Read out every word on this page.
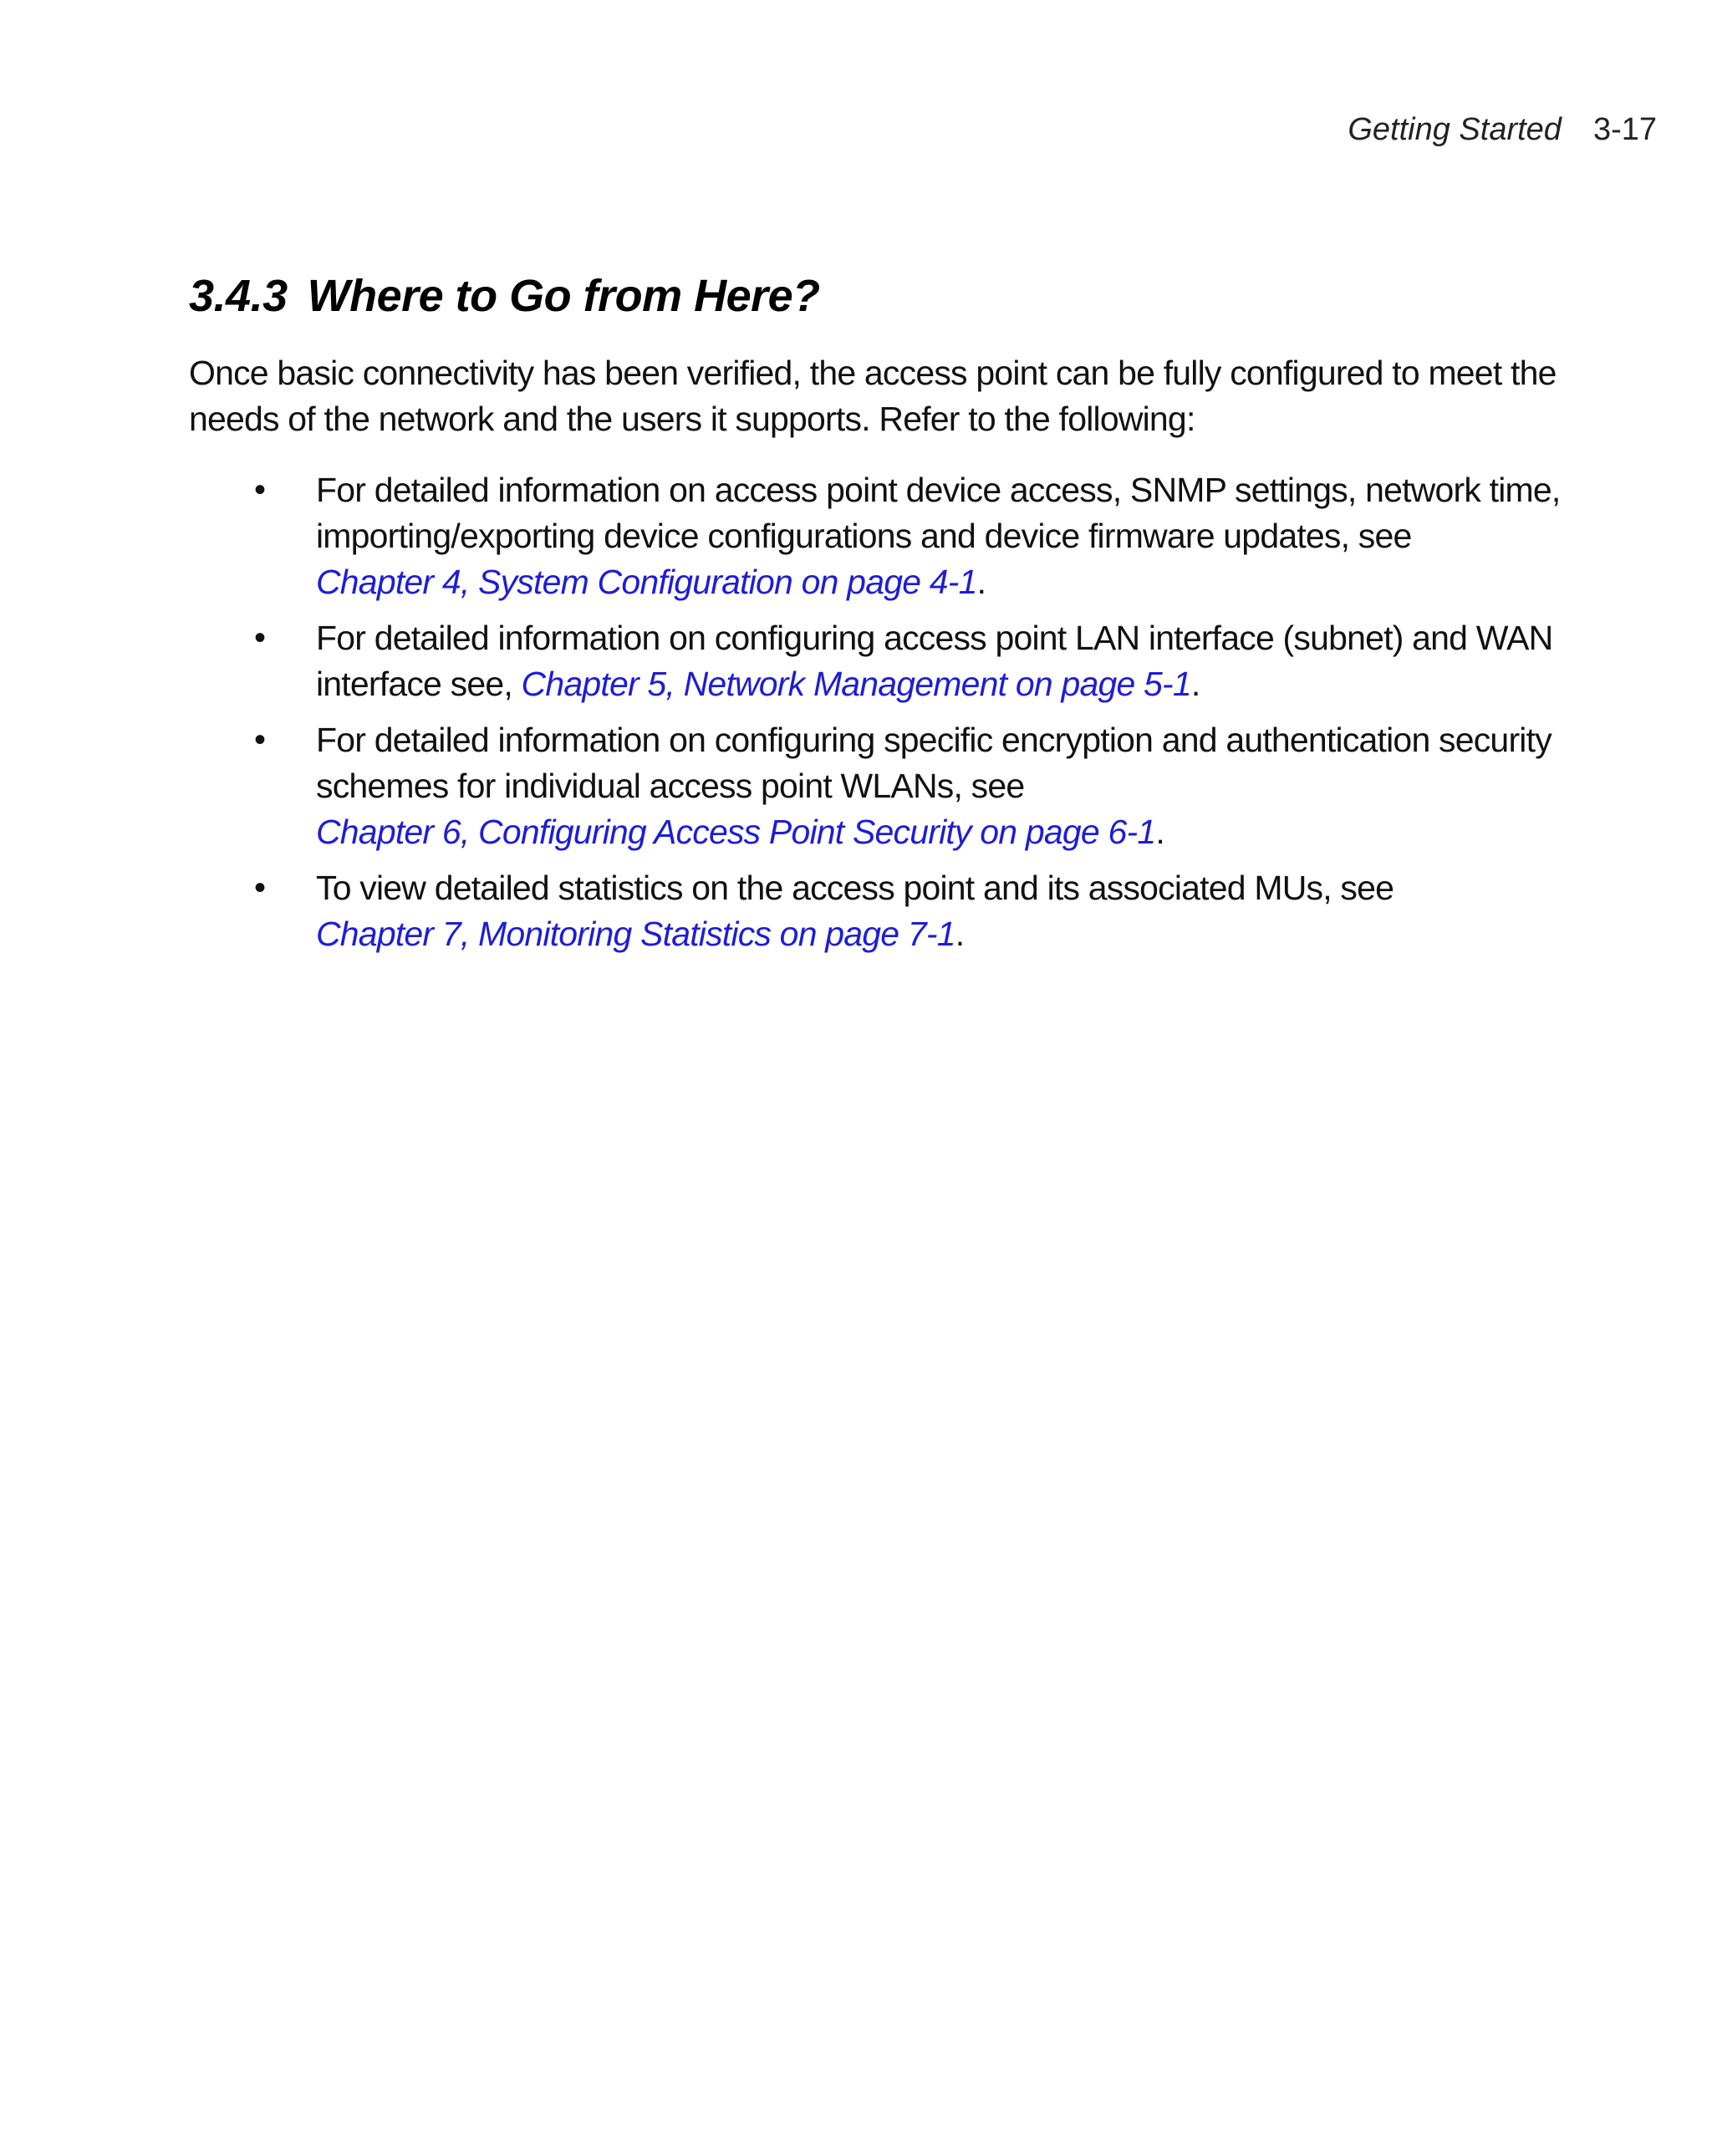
Getting Started 3-17
3.4.3 Where to Go from Here?

Once basic connectivity has been verified, the access point can be fully configured to meet the needs of the network and the users it supports. Refer to the following:

• For detailed information on access point device access, SNMP settings, network time, importing/exporting device configurations and device firmware updates, see
Chapter 4, System Configuration on page 4-1.
• For detailed information on configuring access point LAN interface (subnet) and WAN interface see, Chapter 5, Network Management on page 5-1.
• For detailed information on configuring specific encryption and authentication security schemes for individual access point WLANs, see
Chapter 6, Configuring Access Point Security on page 6-1.
• To view detailed statistics on the access point and its associated MUs, see
Chapter 7, Monitoring Statistics on page 7-1.
